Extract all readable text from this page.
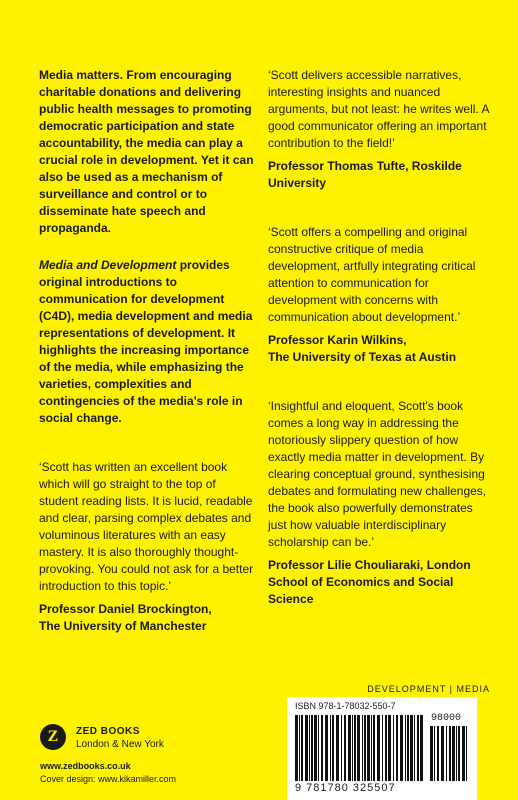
Media matters. From encouraging charitable donations and delivering public health messages to promoting democratic participation and state accountability, the media can play a crucial role in development. Yet it can also be used as a mechanism of surveillance and control or to disseminate hate speech and propaganda.

Media and Development provides original introductions to communication for development (C4D), media development and media representations of development. It highlights the increasing importance of the media, while emphasizing the varieties, complexities and contingencies of the media's role in social change.

‘Scott has written an excellent book which will go straight to the top of student reading lists. It is lucid, readable and clear, parsing complex debates and voluminous literatures with an easy mastery. It is also thoroughly thought-provoking. You could not ask for a better introduction to this topic.’

Professor Daniel Brockington,
The University of Manchester

‘Scott delivers accessible narratives, interesting insights and nuanced arguments, but not least: he writes well. A good communicator offering an important contribution to the field!’

Professor Thomas Tufte, Roskilde University

‘Scott offers a compelling and original constructive critique of media development, artfully integrating critical attention to communication for development with concerns with communication about development.’

Professor Karin Wilkins,
The University of Texas at Austin

‘Insightful and eloquent, Scott's book comes a long way in addressing the notoriously slippery question of how exactly media matter in development. By clearing conceptual ground, synthesising debates and formulating new challenges, the book also powerfully demonstrates just how valuable interdisciplinary scholarship can be.’

Professor Lilie Chouliaraki, London School of Economics and Social Science

DEVELOPMENT | MEDIA
Z	ZED BOOKS
London & New York
www.zedbooks.co.uk
Cover design: www.kikamiller.com
ISBN 978-1-78032-550-7
98000
9 781780 325507
